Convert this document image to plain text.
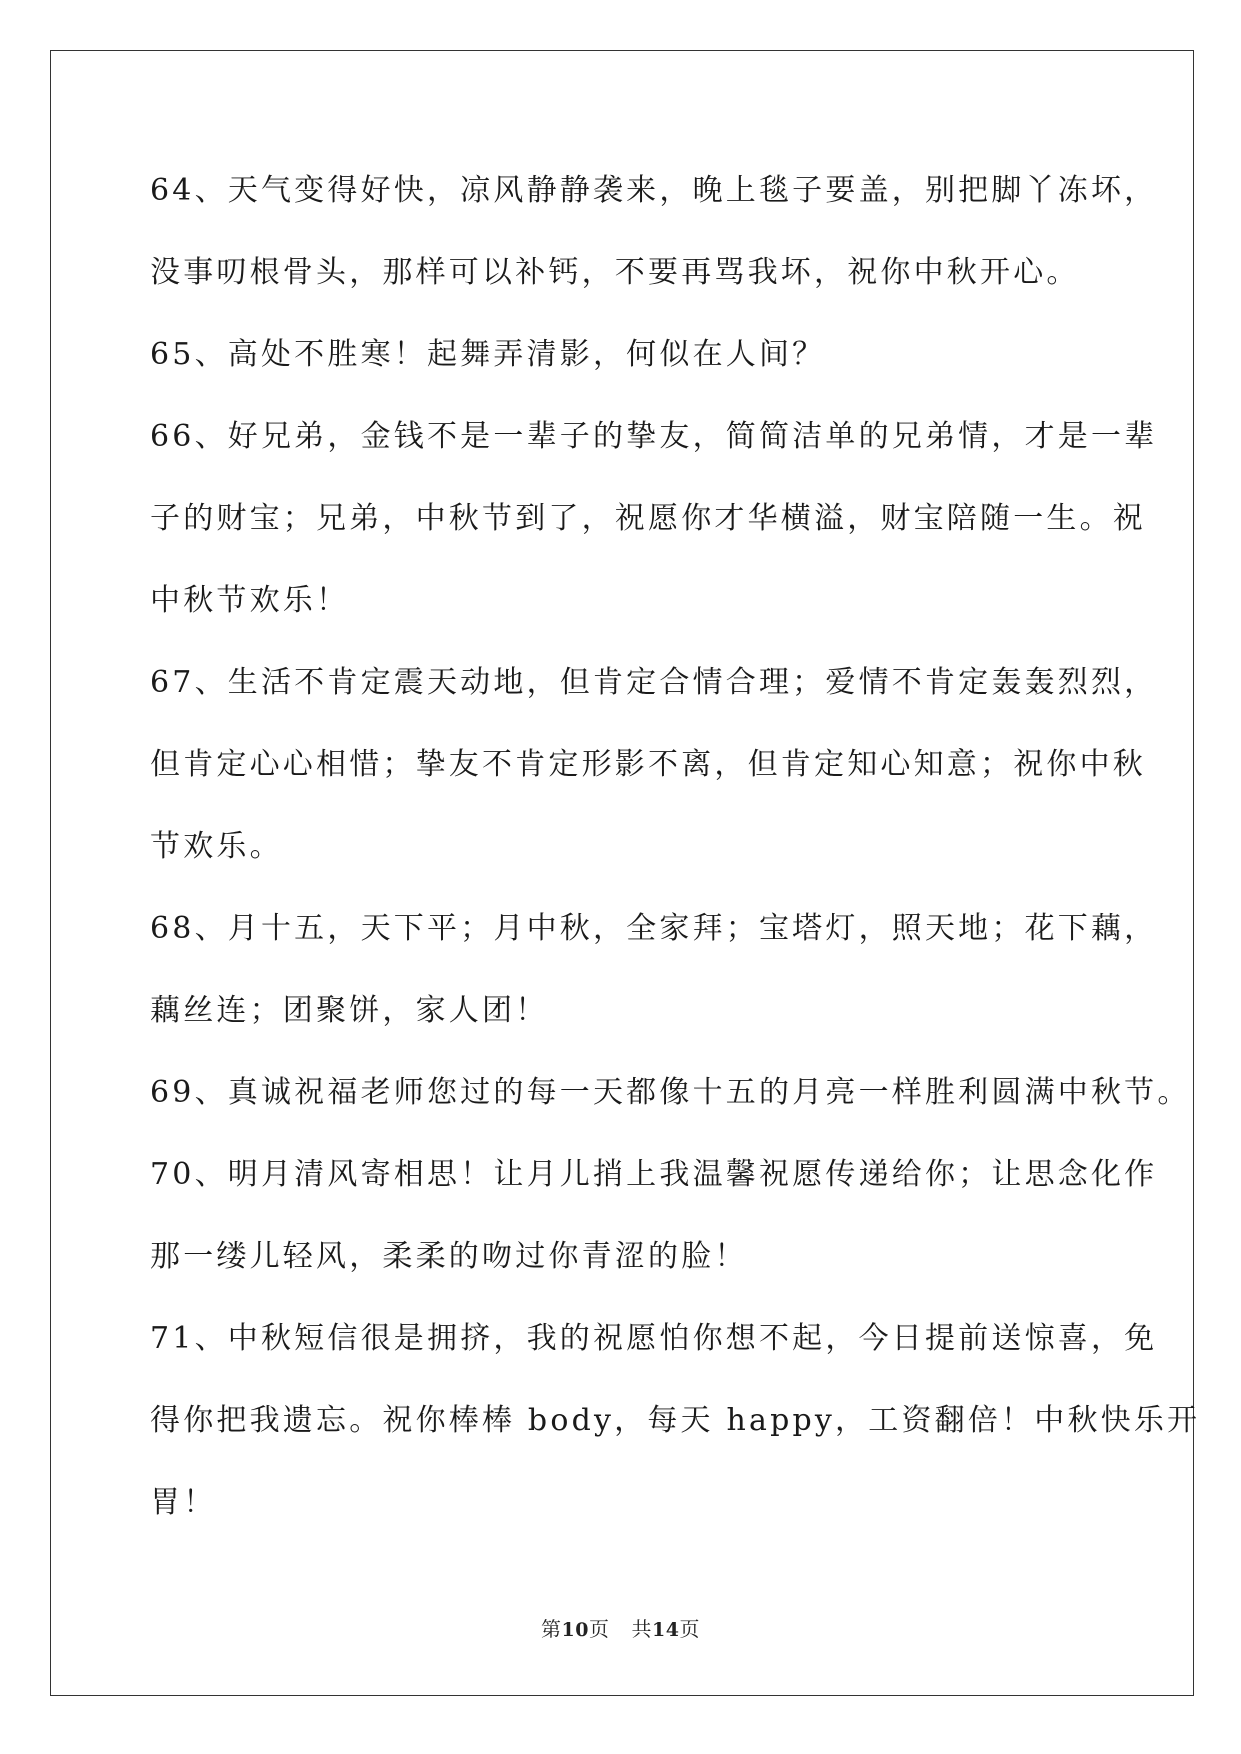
64、天气变得好快，凉风静静袭来，晚上毯子要盖，别把脚丫冻坏，
没事叨根骨头，那样可以补钙，不要再骂我坏，祝你中秋开心。
65、高处不胜寒！起舞弄清影，何似在人间？
66、好兄弟，金钱不是一辈子的挚友，简简洁单的兄弟情，才是一辈
子的财宝；兄弟，中秋节到了，祝愿你才华横溢，财宝陪随一生。祝
中秋节欢乐！
67、生活不肯定震天动地，但肯定合情合理；爱情不肯定轰轰烈烈，
但肯定心心相惜；挚友不肯定形影不离，但肯定知心知意；祝你中秋
节欢乐。
68、月十五，天下平；月中秋，全家拜；宝塔灯，照天地；花下藕，
藕丝连；团聚饼，家人团！
69、真诚祝福老师您过的每一天都像十五的月亮一样胜利圆满中秋节。
70、明月清风寄相思！让月儿捎上我温馨祝愿传递给你；让思念化作
那一缕儿轻风，柔柔的吻过你青涩的脸！
71、中秋短信很是拥挤，我的祝愿怕你想不起，今日提前送惊喜，免
得你把我遗忘。祝你棒棒 body，每天 happy，工资翻倍！中秋快乐开
胃！
第10页 共14页
